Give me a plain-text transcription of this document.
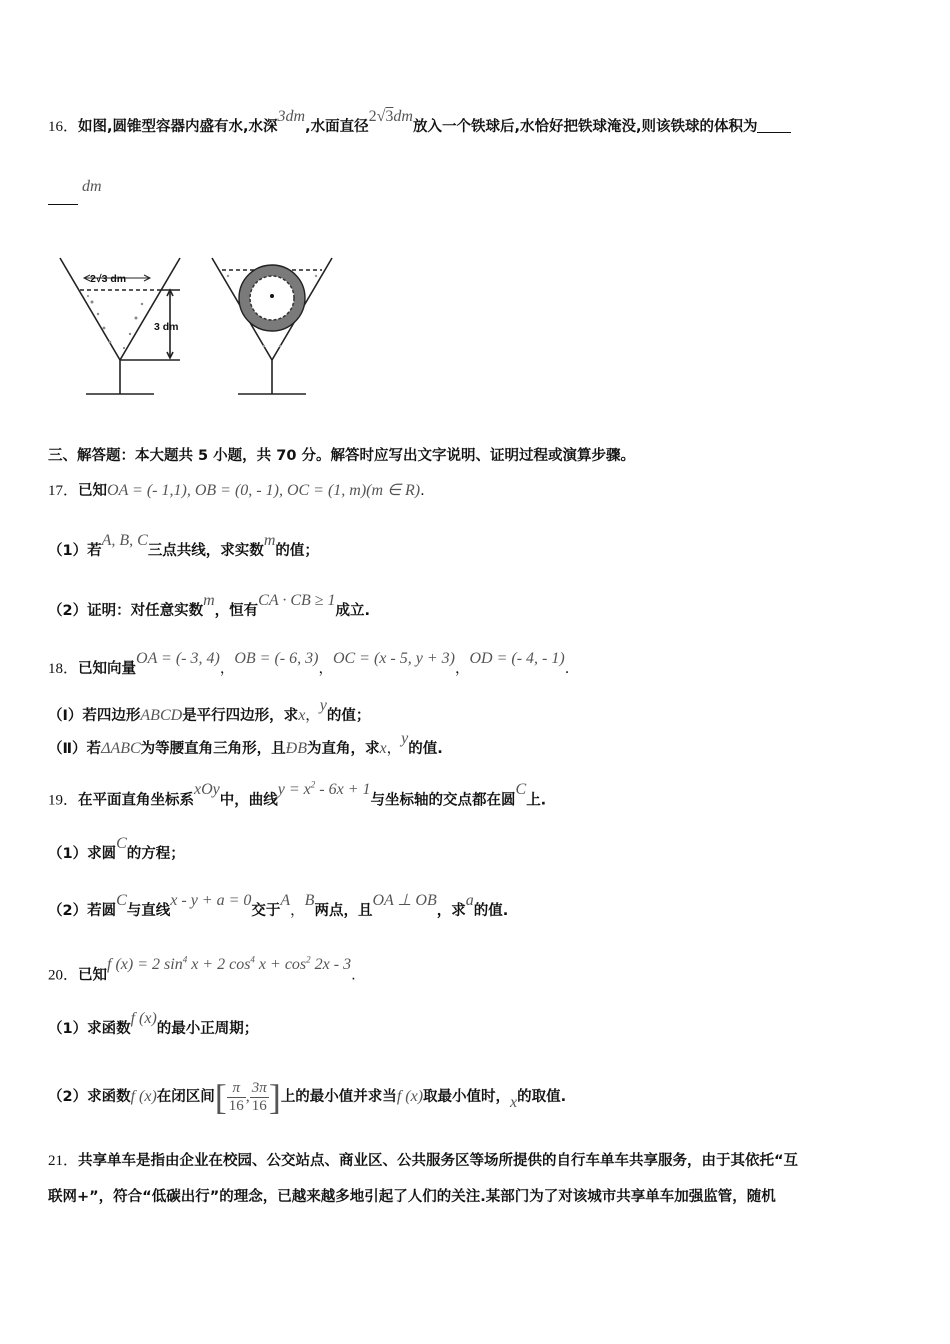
16．如图,圆锥型容器内盛有水,水深3dm,水面直径2√3dm放入一个铁球后,水恰好把铁球淹没,则该铁球的体积为
dm
2√3 dm
3 dm
三、解答题：本大题共 5 小题，共 70 分。解答时应写出文字说明、证明过程或演算步骤。
17．已知OA = (- 1,1), OB = (0, - 1), OC = (1, m)(m ∈ R).
（1）若A, B, C三点共线，求实数m的值；
（2）证明：对任意实数m，恒有CA · CB ≥ 1成立.
18．已知向量OA = (- 3, 4)，OB = (- 6, 3)，OC = (x - 5, y + 3)，OD = (- 4, - 1).
（Ⅰ）若四边形ABCD是平行四边形，求x，y的值；
（Ⅱ）若ΔABC为等腰直角三角形，且ÐB为直角，求x，y的值.
19．在平面直角坐标系xOy中，曲线$y = x^2 - 6x + 1$与坐标轴的交点都在圆C上.
（1）求圆C的方程；
（2）若圆C与直线x - y + a = 0交于A，B两点，且OA ⊥ OB，求a的值.
20．已知f (x) = 2 $\sin^4 x + 2$ $\cos^4 x + \cos^2 2x - 3$.
（1）求函数f (x)的最小正周期；
（2）求函数f (x)在闭区间[ $\frac{\pi}{16}$ , $\frac{3\pi}{16}$ ]上的最小值并求当f (x)取最小值时，x的取值.
21．共享单车是指由企业在校园、公交站点、商业区、公共服务区等场所提供的自行车单车共享服务，由于其依托“互
联网+”，符合“低碳出行”的理念，已越来越多地引起了人们的关注.某部门为了对该城市共享单车加强监管，随机
